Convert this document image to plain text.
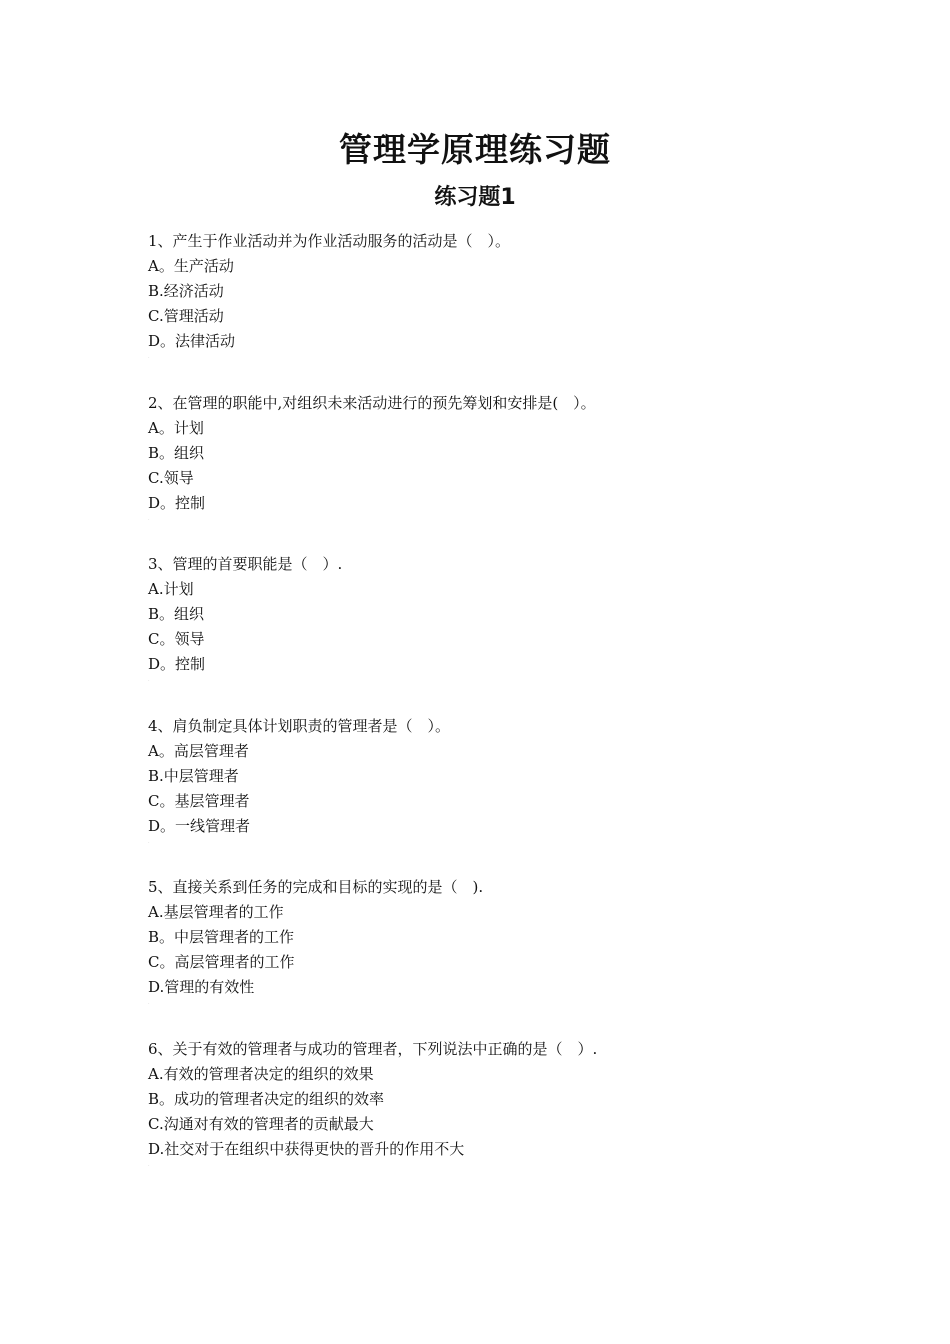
管理学原理练习题
练习题1
1、产生于作业活动并为作业活动服务的活动是（　）。
A。生产活动
B.经济活动
C.管理活动
D。法律活动
·
2、在管理的职能中,对组织未来活动进行的预先筹划和安排是(　）。
A。计划
B。组织
C.领导
D。控制
·
3、管理的首要职能是（　）.
A.计划
B。组织
C。领导
D。控制
·
4、肩负制定具体计划职责的管理者是（　）。
A。高层管理者
B.中层管理者
C。基层管理者
D。一线管理者
·
5、直接关系到任务的完成和目标的实现的是（　).
A.基层管理者的工作
B。中层管理者的工作
C。高层管理者的工作
D.管理的有效性
·
6、关于有效的管理者与成功的管理者，下列说法中正确的是（　）.
A.有效的管理者决定的组织的效果
B。成功的管理者决定的组织的效率
C.沟通对有效的管理者的贡献最大
D.社交对于在组织中获得更快的晋升的作用不大
·
